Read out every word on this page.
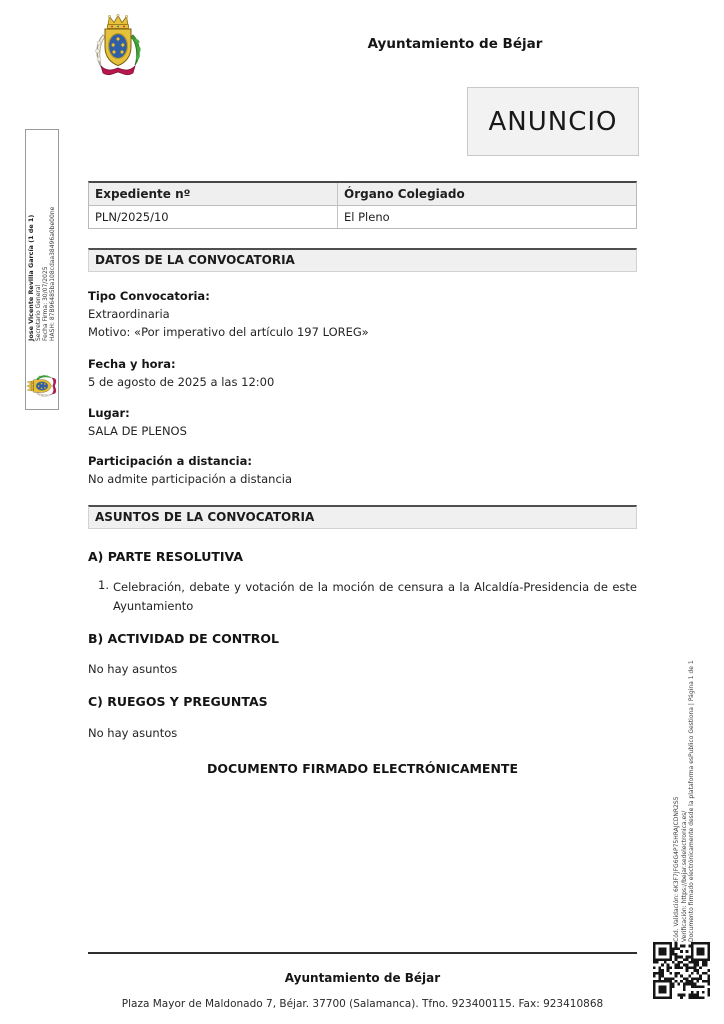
Ayuntamiento de Béjar
ANUNCIO
Jose Vicente Revilla García (1 de 1) Secretario General Fecha Firma: 30/07/2025 HASH: 87B96485ba108cdaa38496a0be00ne
Expediente nº	Órgano Colegiado
PLN/2025/10	El Pleno
DATOS DE LA CONVOCATORIA
Tipo Convocatoria:
Extraordinaria
Motivo: «Por imperativo del artículo 197 LOREG»
Fecha y hora:
5 de agosto de 2025 a las 12:00
Lugar:
SALA DE PLENOS
Participación a distancia:
No admite participación a distancia
ASUNTOS DE LA CONVOCATORIA
A) PARTE RESOLUTIVA
1. Celebración, debate y votación de la moción de censura a la Alcaldía-Presidencia de este Ayuntamiento
B) ACTIVIDAD DE CONTROL
No hay asuntos
C) RUEGOS Y PREGUNTAS
No hay asuntos
DOCUMENTO FIRMADO ELECTRÓNICAMENTE
Cód. Validación: 6K3F7JFG6G4P75HRAJCDNR2S5 Verificación: https://bejar.sedelectronica.es/ Documento firmado electrónicamente desde la plataforma esPublico Gestiona | Página 1 de 1
Ayuntamiento de Béjar
Plaza Mayor de Maldonado 7, Béjar. 37700 (Salamanca). Tfno. 923400115. Fax: 923410868
